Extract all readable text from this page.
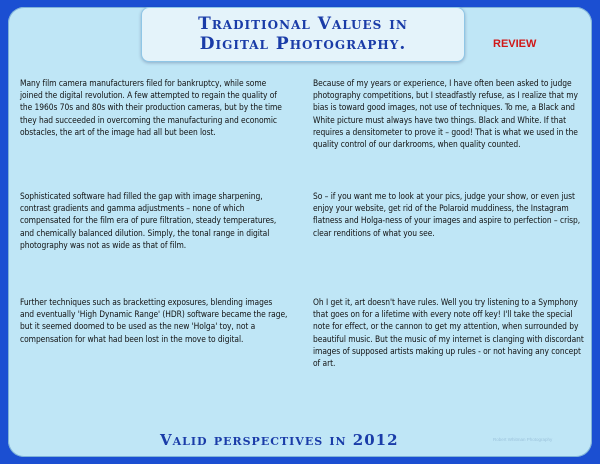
Traditional Values in
Digital Photography.	REVIEW
Many film camera manufacturers filed for bankruptcy, while some joined the digital revolution. A few attempted to regain the quality of the 1960s 70s and 80s with their production cameras, but by the time they had succeeded in overcoming the manufacturing and economic obstacles, the art of the image had all but been lost.
Sophisticated software had filled the gap with image sharpening, contrast gradients and gamma adjustments – none of which compensated for the film era of pure filtration, steady temperatures, and chemically balanced dilution. Simply, the tonal range in digital photography was not as wide as that of film.
Further techniques such as bracketting exposures, blending images and eventually 'High Dynamic Range' (HDR) software became the rage, but it seemed doomed to be used as the new 'Holga' toy, not a compensation for what had been lost in the move to digital.
Because of my years or experience, I have often been asked to judge photography competitions, but I steadfastly refuse, as I realize that my bias is toward good images, not use of techniques. To me, a Black and White picture must always have two things. Black and White. If that requires a densitometer to prove it – good! That is what we used in the quality control of our darkrooms, when quality counted.
So – if you want me to look at your pics, judge your show, or even just enjoy your website, get rid of the Polaroid muddiness, the Instagram flatness and Holga-ness of your images and aspire to perfection – crisp, clear renditions of what you see.
Oh I get it, art doesn't have rules. Well you try listening to a Symphony that goes on for a lifetime with every note off key! I'll take the special note for effect, or the cannon to get my attention, when surrounded by beautiful music. But the music of my internet is clanging with discordant images of supposed artists making up rules - or not having any concept of art.
Valid perspectives in 2012	Robert Whitman Photography
